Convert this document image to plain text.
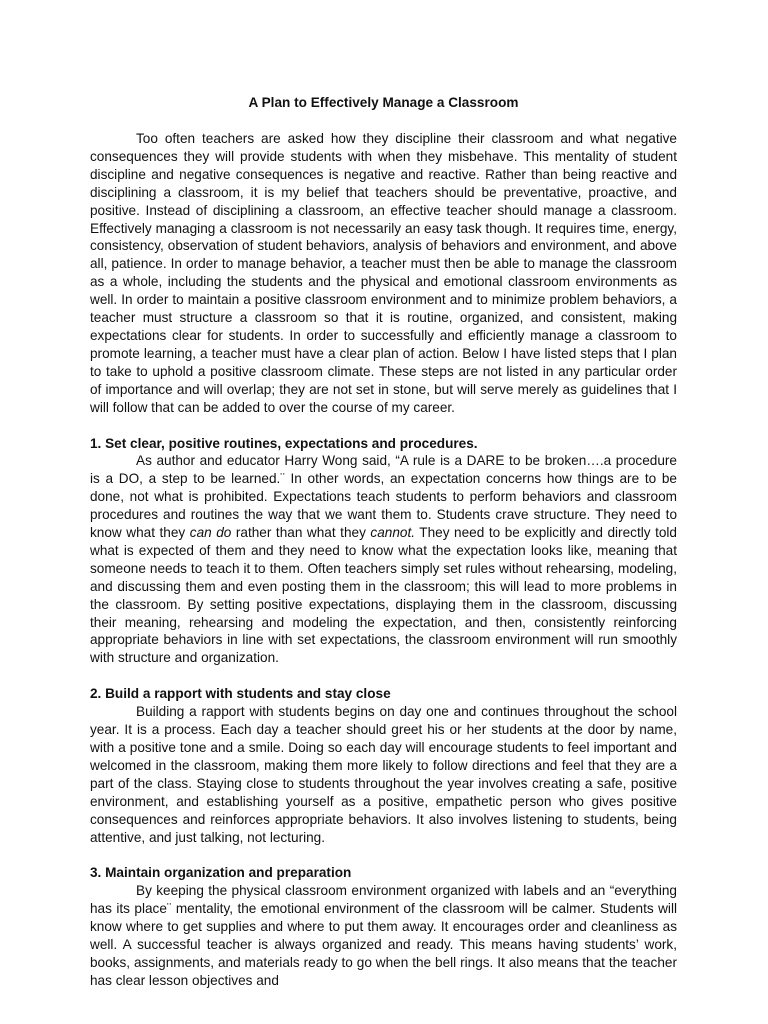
A Plan to Effectively Manage a Classroom

Too often teachers are asked how they discipline their classroom and what negative consequences they will provide students with when they misbehave. This mentality of student discipline and negative consequences is negative and reactive. Rather than being reactive and disciplining a classroom, it is my belief that teachers should be preventative, proactive, and positive. Instead of disciplining a classroom, an effective teacher should manage a classroom. Effectively managing a classroom is not necessarily an easy task though. It requires time, energy, consistency, observation of student behaviors, analysis of behaviors and environment, and above all, patience. In order to manage behavior, a teacher must then be able to manage the classroom as a whole, including the students and the physical and emotional classroom environments as well. In order to maintain a positive classroom environment and to minimize problem behaviors, a teacher must structure a classroom so that it is routine, organized, and consistent, making expectations clear for students. In order to successfully and efficiently manage a classroom to promote learning, a teacher must have a clear plan of action. Below I have listed steps that I plan to take to uphold a positive classroom climate. These steps are not listed in any particular order of importance and will overlap; they are not set in stone, but will serve merely as guidelines that I will follow that can be added to over the course of my career.

1. Set clear, positive routines, expectations and procedures.

As author and educator Harry Wong said, “A rule is a DARE to be broken….a procedure is a DO, a step to be learned.¨ In other words, an expectation concerns how things are to be done, not what is prohibited. Expectations teach students to perform behaviors and classroom procedures and routines the way that we want them to. Students crave structure. They need to know what they can do rather than what they cannot. They need to be explicitly and directly told what is expected of them and they need to know what the expectation looks like, meaning that someone needs to teach it to them. Often teachers simply set rules without rehearsing, modeling, and discussing them and even posting them in the classroom; this will lead to more problems in the classroom. By setting positive expectations, displaying them in the classroom, discussing their meaning, rehearsing and modeling the expectation, and then, consistently reinforcing appropriate behaviors in line with set expectations, the classroom environment will run smoothly with structure and organization.

2. Build a rapport with students and stay close

Building a rapport with students begins on day one and continues throughout the school year. It is a process. Each day a teacher should greet his or her students at the door by name, with a positive tone and a smile. Doing so each day will encourage students to feel important and welcomed in the classroom, making them more likely to follow directions and feel that they are a part of the class. Staying close to students throughout the year involves creating a safe, positive environment, and establishing yourself as a positive, empathetic person who gives positive consequences and reinforces appropriate behaviors. It also involves listening to students, being attentive, and just talking, not lecturing.

3. Maintain organization and preparation

By keeping the physical classroom environment organized with labels and an “everything has its place¨ mentality, the emotional environment of the classroom will be calmer. Students will know where to get supplies and where to put them away. It encourages order and cleanliness as well. A successful teacher is always organized and ready. This means having students’ work, books, assignments, and materials ready to go when the bell rings. It also means that the teacher has clear lesson objectives and
